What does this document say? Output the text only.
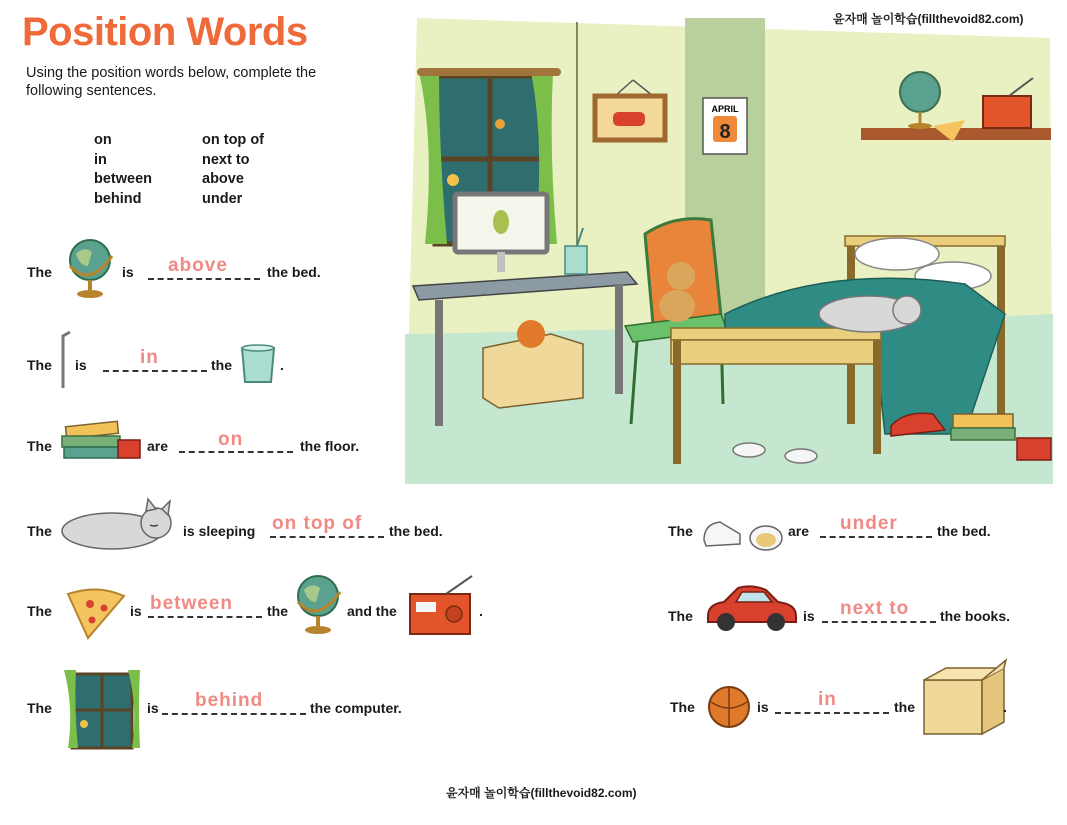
Position Words
Using the position words below, complete the following sentences.
on
in
between
behind
on top of
next to
above
under
윤자매 놀이학습(fillthevoid82.com)
윤자매 놀이학습(fillthevoid82.com)
APRIL
8
The	is above	the bed.
The is	in	the	.
The	are	on	the floor.
The	is sleeping on top of the bed.
The	is between the	and the	.
The	is behind	the computer.
The	are under	the bed.
The	is next to the books.
The	is	in	the	.
